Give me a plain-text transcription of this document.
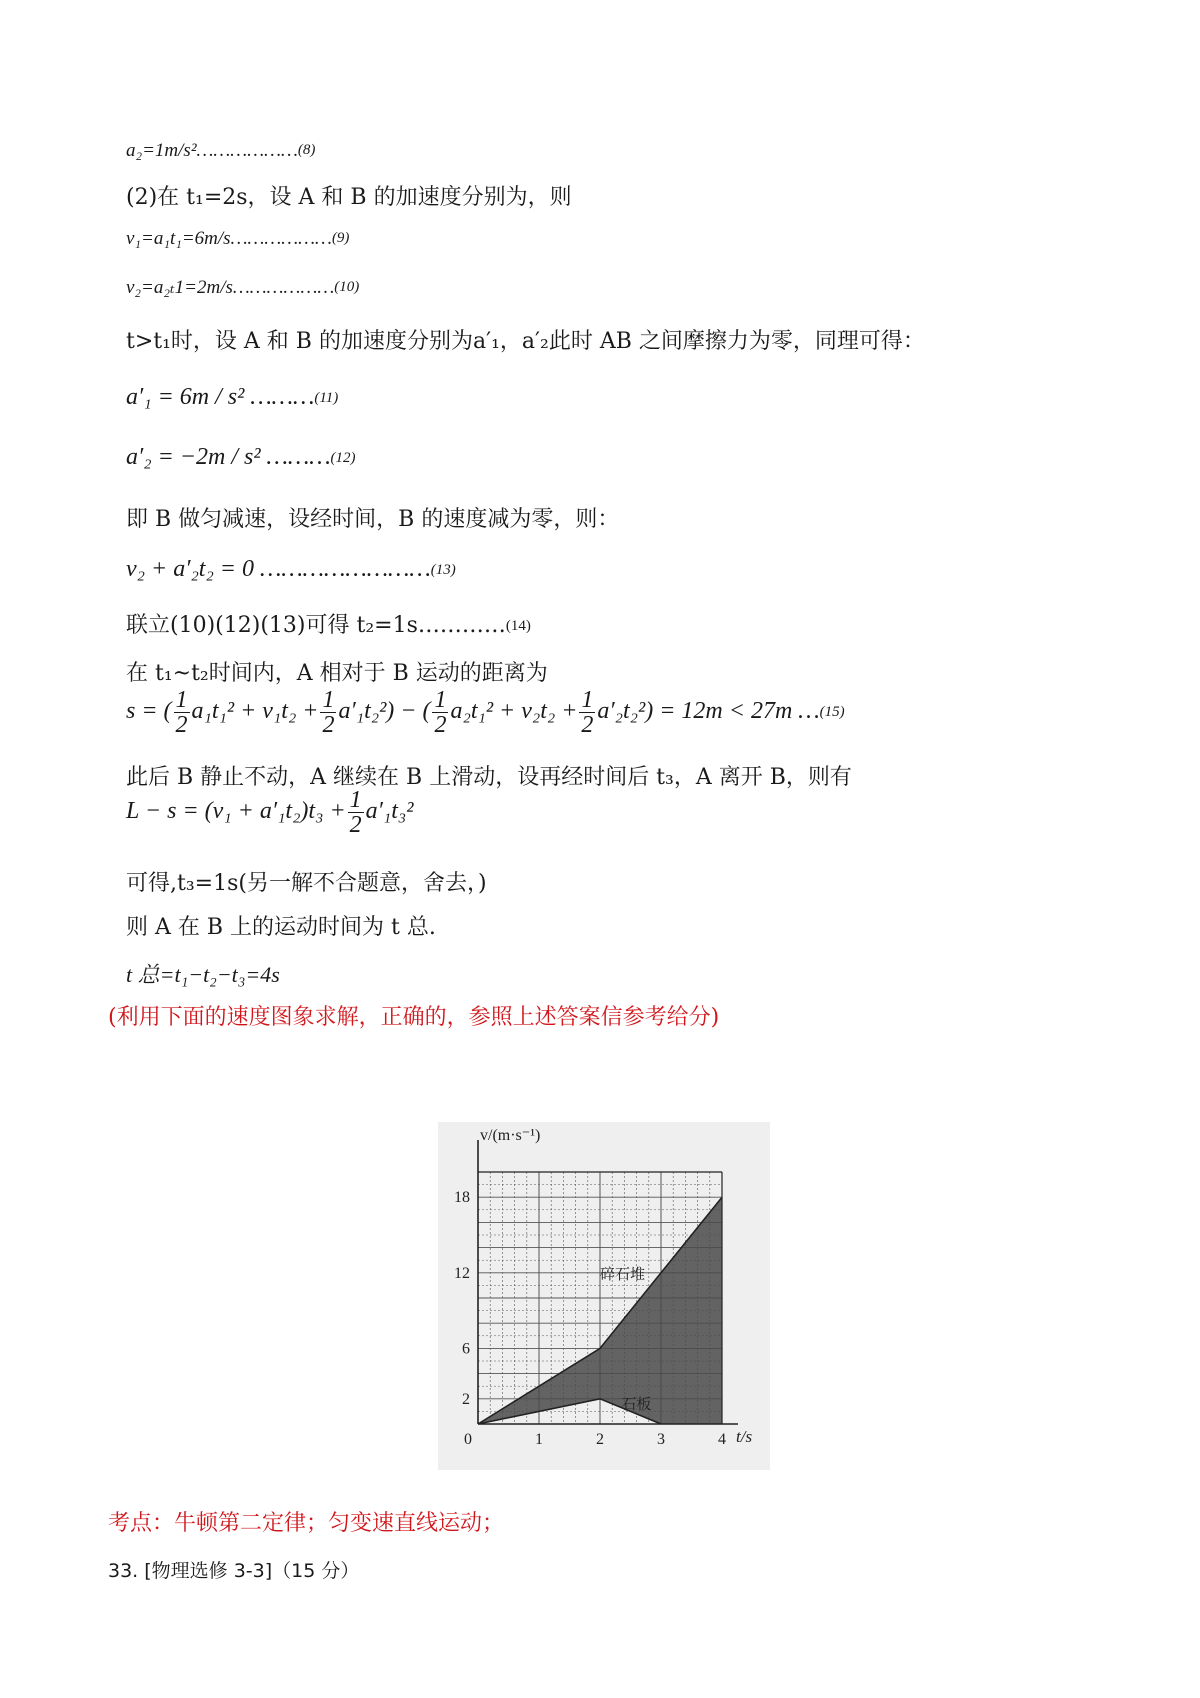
a₂=1m/s²………………(8)
(2)在 t₁=2s，设 A 和 B 的加速度分别为，则
v₁=a₁t₁=6m/s………………(9)
v₂=a₂ₜ1=2m/s………………(10)
t>t₁时，设 A 和 B 的加速度分别为a′₁，a′₂此时 AB 之间摩擦力为零，同理可得：
a′₁ = 6m / s² ………(11)
a′₂ = −2m / s² ………(12)
即 B 做匀减速，设经时间，B 的速度减为零，则：
v₂ + a′₂t₂ = 0 ……………………(13)
联立(10)(12)(13)可得 t₂=1s…………(14)
在 t₁~t₂时间内，A 相对于 B 运动的距离为
s = ( $\frac{1}{2} a_1t_1^2 + v_1t_2 + \frac{1}{2} a'_1t_2^2$) − ( $\frac{1}{2} a_2t_1^2 + v_2t_2 + \frac{1}{2} a'_2t_2^2) = 12m < 27m$ …(15)
此后 B 静止不动，A 继续在 B 上滑动，设再经时间后 t₃，A 离开 B，则有
$L - s = (v_1 + a'_1t_2)t_3 + \frac{1}{2} a'_1t_3^2$
可得,t₃=1s(另一解不合题意，舍去，)
则 A 在 B 上的运动时间为 t 总.
t 总=t₁−t₂−t₃=4s
(利用下面的速度图象求解，正确的，参照上述答案信参考给分)
0	1	2	3	4
2
6
12
18
t/s
v/(m·s⁻¹)
碎石堆
石板
考点：牛顿第二定律；匀变速直线运动；
33. [物理选修 3-3]（15 分）
